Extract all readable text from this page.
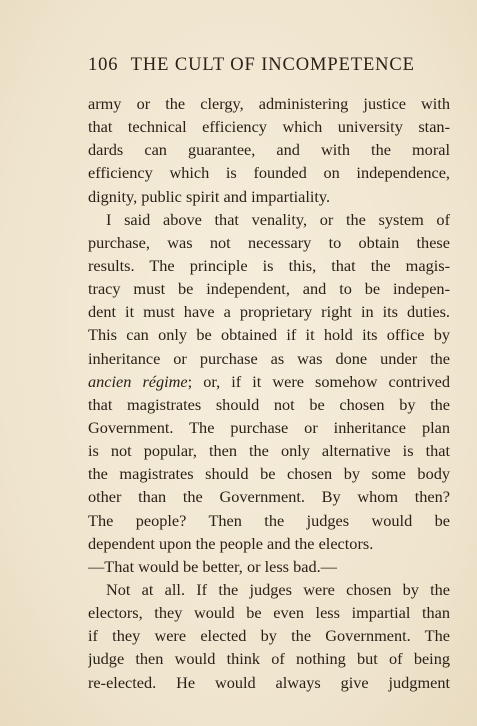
106 THE CULT OF INCOMPETENCE
army or the clergy, administering justice with
that technical efficiency which university stan-
dards can guarantee, and with the moral
efficiency which is founded on independence,
dignity, public spirit and impartiality.
I said above that venality, or the system of
purchase, was not necessary to obtain these
results. The principle is this, that the magis-
tracy must be independent, and to be indepen-
dent it must have a proprietary right in its duties.
This can only be obtained if it hold its office by
inheritance or purchase as was done under the
ancien régime; or, if it were somehow contrived
that magistrates should not be chosen by the
Government. The purchase or inheritance plan
is not popular, then the only alternative is that
the magistrates should be chosen by some body
other than the Government. By whom then?
The people? Then the judges would be
dependent upon the people and the electors.
—That would be better, or less bad.—
Not at all. If the judges were chosen by the
electors, they would be even less impartial than
if they were elected by the Government. The
judge then would think of nothing but of being
re-elected. He would always give judgment
